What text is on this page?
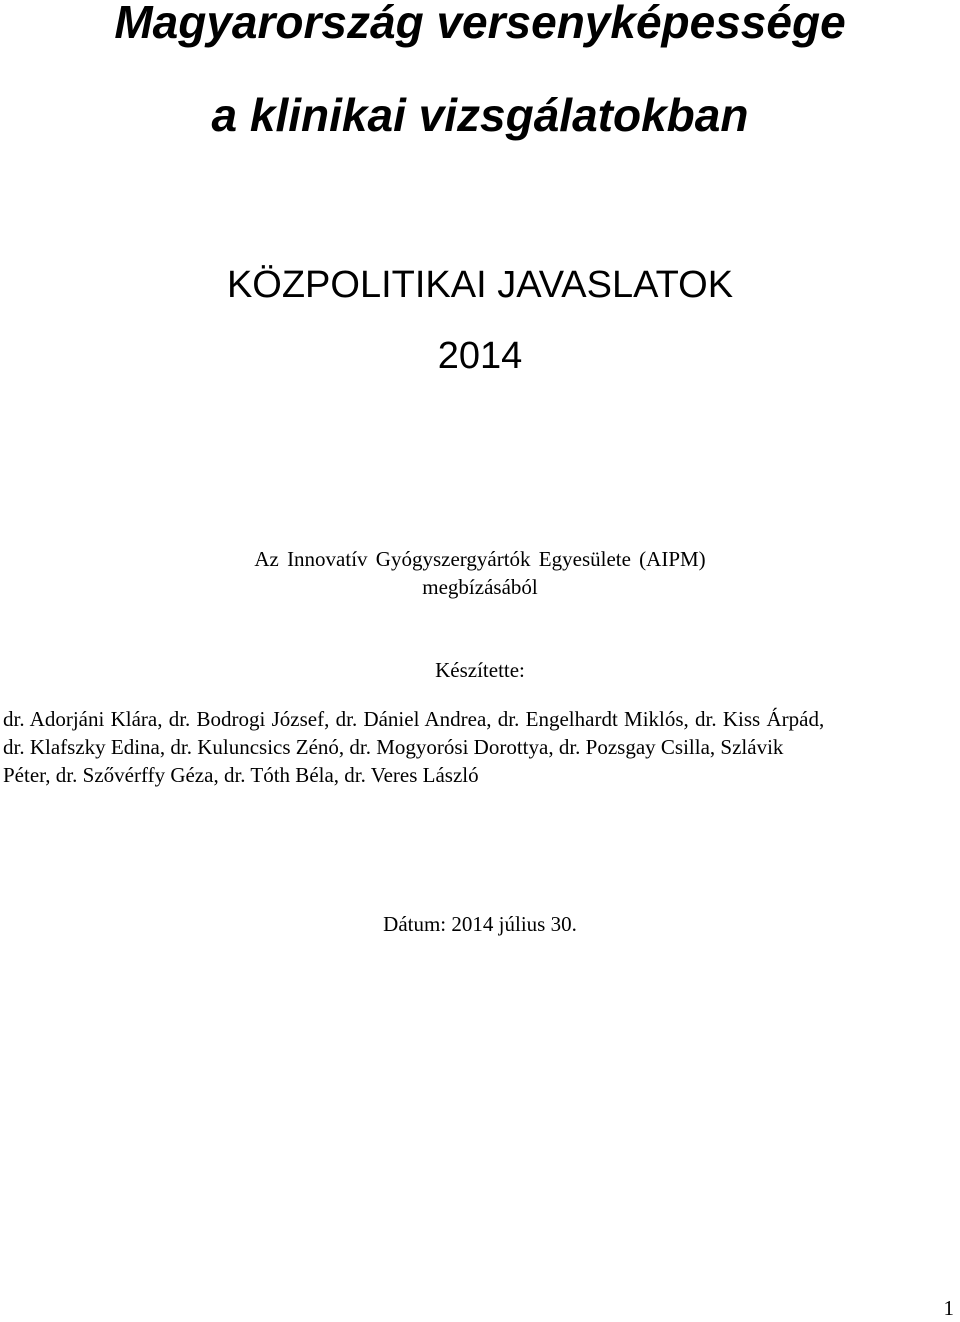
Magyarország versenyképessége
a klinikai vizsgálatokban
KÖZPOLITIKAI JAVASLATOK
2014
Az Innovatív Gyógyszergyártók Egyesülete (AIPM)
megbízásából
Készítette:
dr. Adorjáni Klára, dr. Bodrogi József, dr. Dániel Andrea, dr. Engelhardt Miklós, dr. Kiss Árpád,
dr. Klafszky Edina, dr. Kuluncsics Zénó, dr. Mogyorósi Dorottya, dr. Pozsgay Csilla, Szlávik
Péter, dr. Szővérffy Géza, dr. Tóth Béla, dr. Veres László
Dátum: 2014 július 30.
1
